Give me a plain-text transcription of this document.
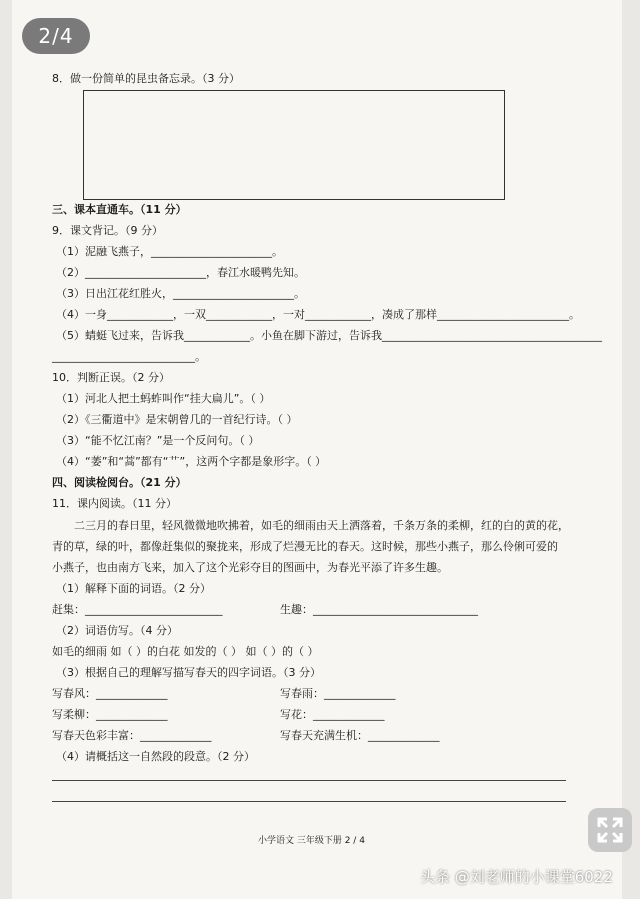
2/4
8．做一份简单的昆虫备忘录。（3 分）
三、课本直通车。（11 分）
9．课文背记。（9 分）
（1）泥融飞燕子，______________________。
（2）______________________，春江水暖鸭先知。
（3）日出江花红胜火，______________________。
（4）一身____________，一双____________，一对____________，凑成了那样________________________。
（5）蜻蜓飞过来，告诉我____________。小鱼在脚下游过，告诉我________________________________________
__________________________。
10．判断正误。（2 分）
（1）河北人把土蚂蚱叫作“挂大扁儿”。（ ）
（2）《三衢道中》是宋朝曾几的一首纪行诗。（ ）
（3）“能不忆江南？”是一个反问句。（ ）
（4）“萎”和“蒿”都有“艹”，这两个字都是象形字。（ ）
四、阅读检阅台。（21 分）
11．课内阅读。（11 分）
二三月的春日里，轻风微微地吹拂着，如毛的细雨由天上洒落着，千条万条的柔柳，红的白的黄的花，
青的草，绿的叶，都像赶集似的聚拢来，形成了烂漫无比的春天。这时候，那些小燕子，那么伶俐可爱的
小燕子，也由南方飞来，加入了这个光彩夺目的图画中，为春光平添了许多生趣。
（1）解释下面的词语。（2 分）
赶集：_________________________	生趣：______________________________
（2）词语仿写。（4 分）
如毛的细雨 如（ ）的白花 如发的（ ） 如（ ）的（ ）
（3）根据自己的理解写描写春天的四字词语。（3 分）
写春风：_____________	写春雨：_____________
写柔柳：_____________	写花：_____________
写春天色彩丰富：_____________	写春天充满生机：_____________
（4）请概括这一自然段的段意。（2 分）
小学语文 三年级下册 2 / 4
头条 @刘老师的小课堂6022
